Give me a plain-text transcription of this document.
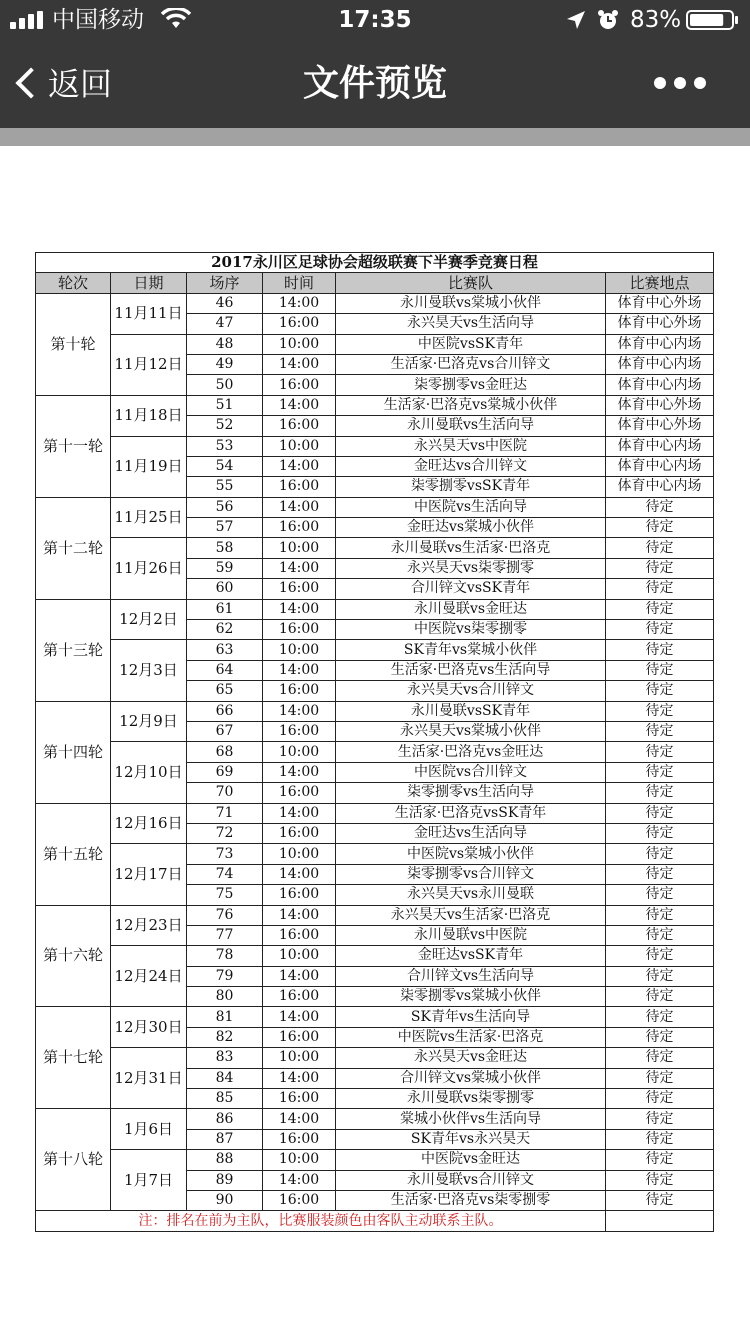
中国移动	17:35	83%
返回	文件预览
2017永川区足球协会超级联赛下半赛季竞赛日程					
轮次	日期	场序	时间	比赛队	比赛地点
第十轮	11月11日	46	14:00	永川曼联vs棠城小伙伴	体育中心外场
		47	16:00	永兴昊天vs生活向导	体育中心外场
	11月12日	48	10:00	中医院vsSK青年	体育中心内场
		49	14:00	生活家·巴洛克vs合川锌文	体育中心内场
		50	16:00	柒零捌零vs金旺达	体育中心内场
第十一轮	11月18日	51	14:00	生活家·巴洛克vs棠城小伙伴	体育中心外场
		52	16:00	永川曼联vs生活向导	体育中心外场
	11月19日	53	10:00	永兴昊天vs中医院	体育中心内场
		54	14:00	金旺达vs合川锌文	体育中心内场
		55	16:00	柒零捌零vsSK青年	体育中心内场
第十二轮	11月25日	56	14:00	中医院vs生活向导	待定
		57	16:00	金旺达vs棠城小伙伴	待定
	11月26日	58	10:00	永川曼联vs生活家·巴洛克	待定
		59	14:00	永兴昊天vs柒零捌零	待定
		60	16:00	合川锌文vsSK青年	待定
第十三轮	12月2日	61	14:00	永川曼联vs金旺达	待定
		62	16:00	中医院vs柒零捌零	待定
	12月3日	63	10:00	SK青年vs棠城小伙伴	待定
		64	14:00	生活家·巴洛克vs生活向导	待定
		65	16:00	永兴昊天vs合川锌文	待定
第十四轮	12月9日	66	14:00	永川曼联vsSK青年	待定
		67	16:00	永兴昊天vs棠城小伙伴	待定
	12月10日	68	10:00	生活家·巴洛克vs金旺达	待定
		69	14:00	中医院vs合川锌文	待定
		70	16:00	柒零捌零vs生活向导	待定
第十五轮	12月16日	71	14:00	生活家·巴洛克vsSK青年	待定
		72	16:00	金旺达vs生活向导	待定
	12月17日	73	10:00	中医院vs棠城小伙伴	待定
		74	14:00	柒零捌零vs合川锌文	待定
		75	16:00	永兴昊天vs永川曼联	待定
第十六轮	12月23日	76	14:00	永兴昊天vs生活家·巴洛克	待定
		77	16:00	永川曼联vs中医院	待定
	12月24日	78	10:00	金旺达vsSK青年	待定
		79	14:00	合川锌文vs生活向导	待定
		80	16:00	柒零捌零vs棠城小伙伴	待定
第十七轮	12月30日	81	14:00	SK青年vs生活向导	待定
		82	16:00	中医院vs生活家·巴洛克	待定
	12月31日	83	10:00	永兴昊天vs金旺达	待定
		84	14:00	合川锌文vs棠城小伙伴	待定
		85	16:00	永川曼联vs柒零捌零	待定
第十八轮	1月6日	86	14:00	棠城小伙伴vs生活向导	待定
		87	16:00	SK青年vs永兴昊天	待定
	1月7日	88	10:00	中医院vs金旺达	待定
		89	14:00	永川曼联vs合川锌文	待定
		90	16:00	生活家·巴洛克vs柒零捌零	待定
注：排名在前为主队，比赛服装颜色由客队主动联系主队。					
